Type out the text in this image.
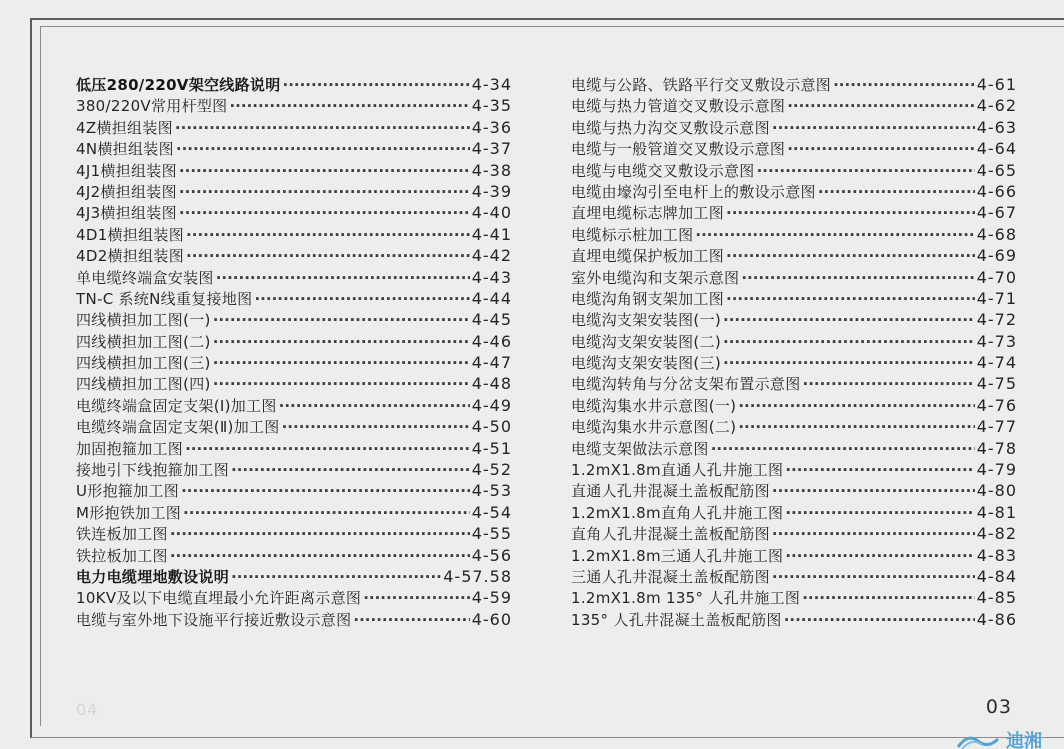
低压280/220V架空线路说明 ·····	4-34
380/220V常用杆型图 ·····	4-35
4Z横担组装图 ·····	4-36
4N横担组装图 ·····	4-37
4J1横担组装图 ·····	4-38
4J2横担组装图 ·····	4-39
4J3横担组装图 ·····	4-40
4D1横担组装图 ·····	4-41
4D2横担组装图 ·····	4-42
单电缆终端盒安装图 ·····	4-43
TN-C 系统N线重复接地图 ·····	4-44
四线横担加工图(一) ·····	4-45
四线横担加工图(二) ·····	4-46
四线横担加工图(三) ·····	4-47
四线横担加工图(四) ·····	4-48
电缆终端盒固定支架(Ⅰ)加工图 ·····	4-49
电缆终端盒固定支架(Ⅱ)加工图 ·····	4-50
加固抱箍加工图 ·····	4-51
接地引下线抱箍加工图 ·····	4-52
U形抱箍加工图 ·····	4-53
M形抱铁加工图 ·····	4-54
铁连板加工图 ·····	4-55
铁拉板加工图 ·····	4-56
电力电缆埋地敷设说明 ·····	4-57.58
10KV及以下电缆直埋最小允许距离示意图 ·····	4-59
电缆与室外地下设施平行接近敷设示意图 ·····	4-60
电缆与公路、铁路平行交叉敷设示意图 ·····	4-61
电缆与热力管道交叉敷设示意图 ·····	4-62
电缆与热力沟交叉敷设示意图 ·····	4-63
电缆与一般管道交叉敷设示意图 ·····	4-64
电缆与电缆交叉敷设示意图 ·····	4-65
电缆由壕沟引至电杆上的敷设示意图 ·····	4-66
直埋电缆标志牌加工图 ·····	4-67
电缆标示桩加工图 ·····	4-68
直埋电缆保护板加工图 ·····	4-69
室外电缆沟和支架示意图 ·····	4-70
电缆沟角钢支架加工图 ·····	4-71
电缆沟支架安装图(一) ·····	4-72
电缆沟支架安装图(二) ·····	4-73
电缆沟支架安装图(三) ·····	4-74
电缆沟转角与分岔支架布置示意图 ·····	4-75
电缆沟集水井示意图(一) ·····	4-76
电缆沟集水井示意图(二) ·····	4-77
电缆支架做法示意图 ·····	4-78
1.2mX1.8m直通人孔井施工图 ·····	4-79
直通人孔井混凝土盖板配筋图 ·····	4-80
1.2mX1.8m直角人孔井施工图 ·····	4-81
直角人孔井混凝土盖板配筋图 ·····	4-82
1.2mX1.8m三通人孔井施工图 ·····	4-83
三通人孔井混凝土盖板配筋图 ·····	4-84
1.2mX1.8m 135° 人孔井施工图 ·····	4-85
135° 人孔井混凝土盖板配筋图 ·····	4-86
04	03
迪湘
